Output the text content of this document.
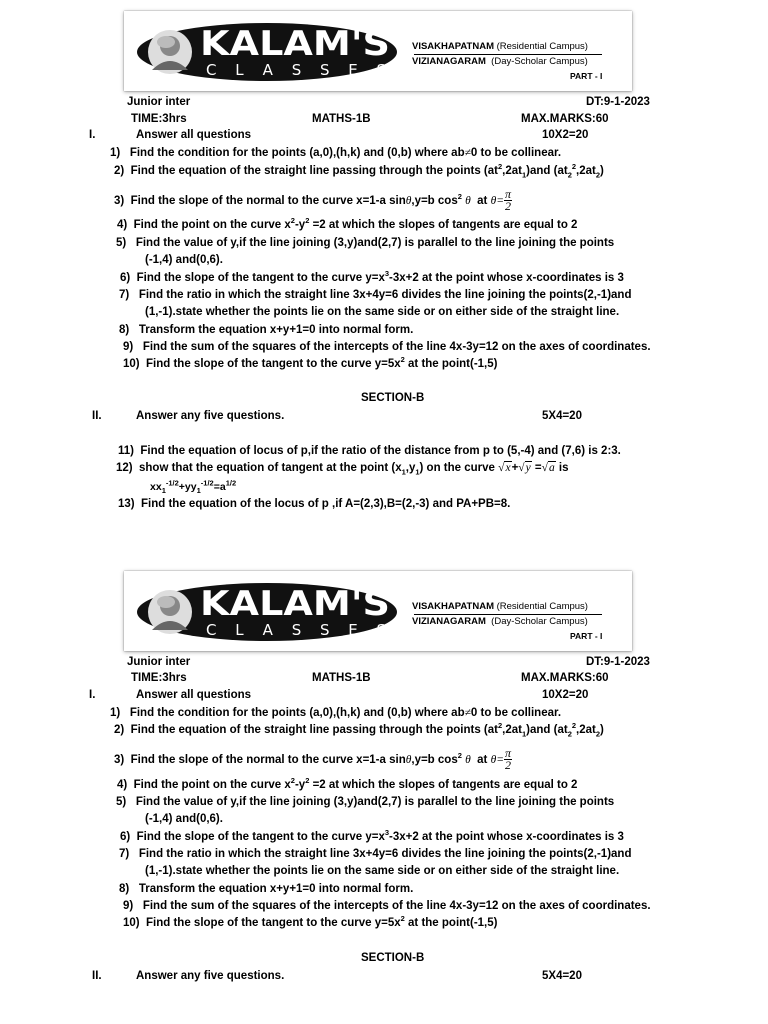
KALAM'S
CLASSES
VISAKHAPATNAM (Residential Campus)
VIZIANAGARAM (Day-Scholar Campus)
PART - I
Junior inter	DT:9-1-2023
TIME:3hrs	MATHS-1B	MAX.MARKS:60
I.	Answer all questions	10X2=20
1) Find the condition for the points (a,0),(h,k) and (0,b) where ab≠0 to be collinear.
2) Find the equation of the straight line passing through the points $(at^2,2at_1)and$ $(at_2^2,2at_2)$
3) Find the slope of the normal to the curve x=1-a sinθ,y=b $\cos^2 \theta$ at $\theta= \frac{\pi}{2}$
4) Find the point on the curve $x^2-y^2 =2$ at which the slopes of tangents are equal to 2
5) Find the value of y,if the line joining (3,y)and(2,7) is parallel to the line joining the points
(-1,4) and(0,6).
6) Find the slope of the tangent to the curve $y=x^3-3x+2$ at the point whose x-coordinates is 3
7) Find the ratio in which the straight line 3x+4y=6 divides the line joining the points(2,-1)and
(1,-1).state whether the points lie on the same side or on either side of the straight line.
8) Transform the equation x+y+1=0 into normal form.
9) Find the sum of the squares of the intercepts of the line 4x-3y=12 on the axes of coordinates.
10) Find the slope of the tangent to the curve $y=5x^2$ at the point(-1,5)
SECTION-B
II.	Answer any five questions.	5X4=20
11) Find the equation of locus of p,if the ratio of the distance from p to (5,-4) and (7,6) is 2:3.
12) show that the equation of tangent at the point $(x_1,y_1)$ on the curve √x+√y =√a is
$xx_1^{-1/2}+yy_1^{-1/2}=a^{1/2}$
13) Find the equation of the locus of p ,if A=(2,3),B=(2,-3) and PA+PB=8.
KALAM'S
CLASSES
VISAKHAPATNAM (Residential Campus)
VIZIANAGARAM (Day-Scholar Campus)
PART - I
Junior inter	DT:9-1-2023
TIME:3hrs	MATHS-1B	MAX.MARKS:60
I.	Answer all questions	10X2=20
1) Find the condition for the points (a,0),(h,k) and (0,b) where ab≠0 to be collinear.
2) Find the equation of the straight line passing through the points $(at^2,2at_1)and$ $(at_2^2,2at_2)$
3) Find the slope of the normal to the curve x=1-a sinθ,y=b $\cos^2 \theta$ at $\theta= \frac{\pi}{2}$
4) Find the point on the curve $x^2-y^2 =2$ at which the slopes of tangents are equal to 2
5) Find the value of y,if the line joining (3,y)and(2,7) is parallel to the line joining the points
(-1,4) and(0,6).
6) Find the slope of the tangent to the curve $y=x^3-3x+2$ at the point whose x-coordinates is 3
7) Find the ratio in which the straight line 3x+4y=6 divides the line joining the points(2,-1)and
(1,-1).state whether the points lie on the same side or on either side of the straight line.
8) Transform the equation x+y+1=0 into normal form.
9) Find the sum of the squares of the intercepts of the line 4x-3y=12 on the axes of coordinates.
10) Find the slope of the tangent to the curve $y=5x^2$ at the point(-1,5)
SECTION-B
II.	Answer any five questions.	5X4=20
